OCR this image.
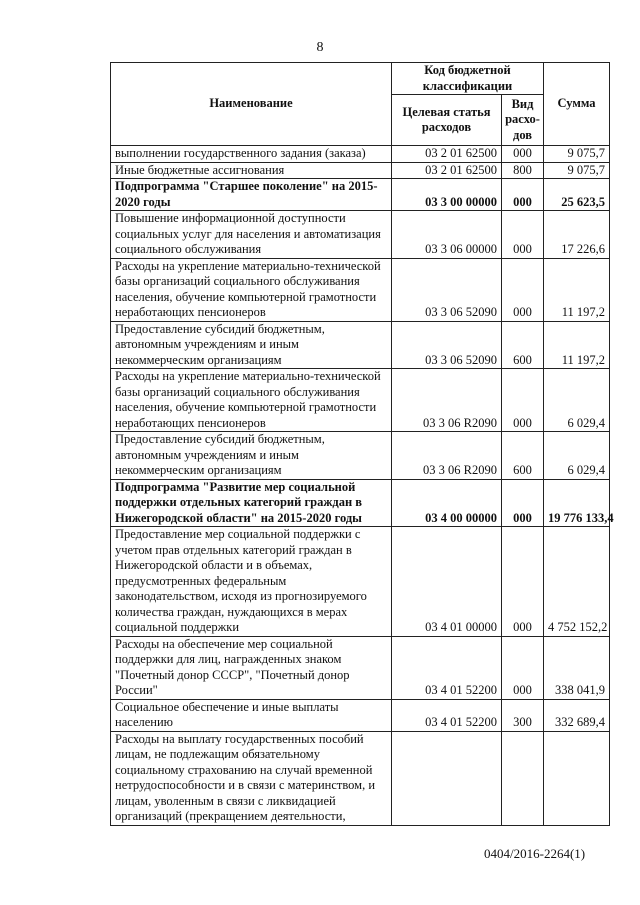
8
Наименование	Код бюджетной классификации		Сумма
	Целевая статья расходов	Вид расхо-дов	
выполнении государственного задания (заказа)	03 2 01 62500	000	9 075,7
Иные бюджетные ассигнования	03 2 01 62500	800	9 075,7
Подпрограмма "Старшее поколение" на 2015-2020 годы	03 3 00 00000	000	25 623,5
Повышение информационной доступности социальных услуг для населения и автоматизация социального обслуживания	03 3 06 00000	000	17 226,6
Расходы на укрепление материально-технической базы организаций социального обслуживания населения, обучение компьютерной грамотности неработающих пенсионеров	03 3 06 52090	000	11 197,2
Предоставление субсидий бюджетным, автономным учреждениям и иным некоммерческим организациям	03 3 06 52090	600	11 197,2
Расходы на укрепление материально-технической базы организаций социального обслуживания населения, обучение компьютерной грамотности неработающих пенсионеров	03 3 06 R2090	000	6 029,4
Предоставление субсидий бюджетным, автономным учреждениям и иным некоммерческим организациям	03 3 06 R2090	600	6 029,4
Подпрограмма "Развитие мер социальной поддержки отдельных категорий граждан в Нижегородской области" на 2015-2020 годы	03 4 00 00000	000	19 776 133,4
Предоставление мер социальной поддержки с учетом прав отдельных категорий граждан в Нижегородской области и в объемах, предусмотренных федеральным законодательством, исходя из прогнозируемого количества граждан, нуждающихся в мерах социальной поддержки	03 4 01 00000	000	4 752 152,2
Расходы на обеспечение мер социальной поддержки для лиц, награжденных знаком "Почетный донор СССР", "Почетный донор России"	03 4 01 52200	000	338 041,9
Социальное обеспечение и иные выплаты населению	03 4 01 52200	300	332 689,4
Расходы на выплату государственных пособий лицам, не подлежащим обязательному социальному страхованию на случай временной нетрудоспособности и в связи с материнством, и лицам, уволенным в связи с ликвидацией организаций (прекращением деятельности,			
0404/2016-2264(1)
